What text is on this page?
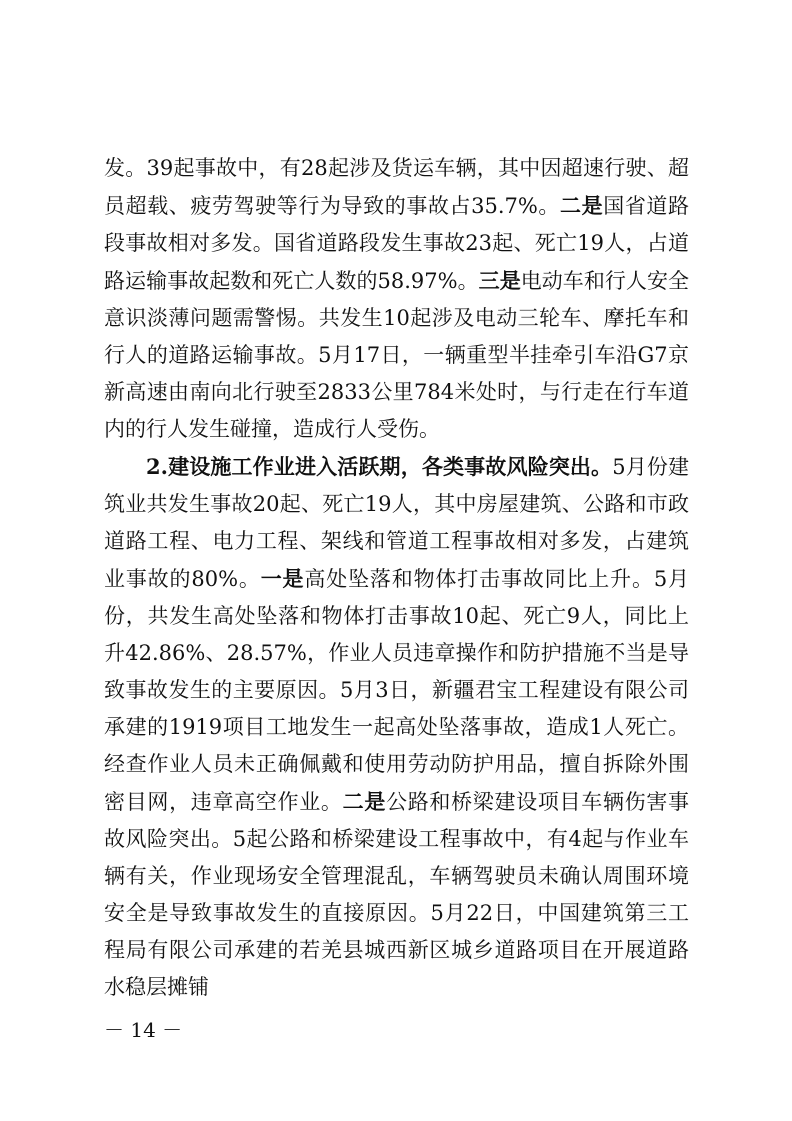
发。39起事故中，有28起涉及货运车辆，其中因超速行驶、超员超载、疲劳驾驶等行为导致的事故占35.7%。二是国省道路段事故相对多发。国省道路段发生事故23起、死亡19人，占道路运输事故起数和死亡人数的58.97%。三是电动车和行人安全意识淡薄问题需警惕。共发生10起涉及电动三轮车、摩托车和行人的道路运输事故。5月17日，一辆重型半挂牵引车沿G7京新高速由南向北行驶至2833公里784米处时，与行走在行车道内的行人发生碰撞，造成行人受伤。

2.建设施工作业进入活跃期，各类事故风险突出。5月份建筑业共发生事故20起、死亡19人，其中房屋建筑、公路和市政道路工程、电力工程、架线和管道工程事故相对多发，占建筑业事故的80%。一是高处坠落和物体打击事故同比上升。5月份，共发生高处坠落和物体打击事故10起、死亡9人，同比上升42.86%、28.57%，作业人员违章操作和防护措施不当是导致事故发生的主要原因。5月3日，新疆君宝工程建设有限公司承建的1919项目工地发生一起高处坠落事故，造成1人死亡。经查作业人员未正确佩戴和使用劳动防护用品，擅自拆除外围密目网，违章高空作业。二是公路和桥梁建设项目车辆伤害事故风险突出。5起公路和桥梁建设工程事故中，有4起与作业车辆有关，作业现场安全管理混乱，车辆驾驶员未确认周围环境安全是导致事故发生的直接原因。5月22日，中国建筑第三工程局有限公司承建的若羌县城西新区城乡道路项目在开展道路水稳层摊铺

－ 14 －
